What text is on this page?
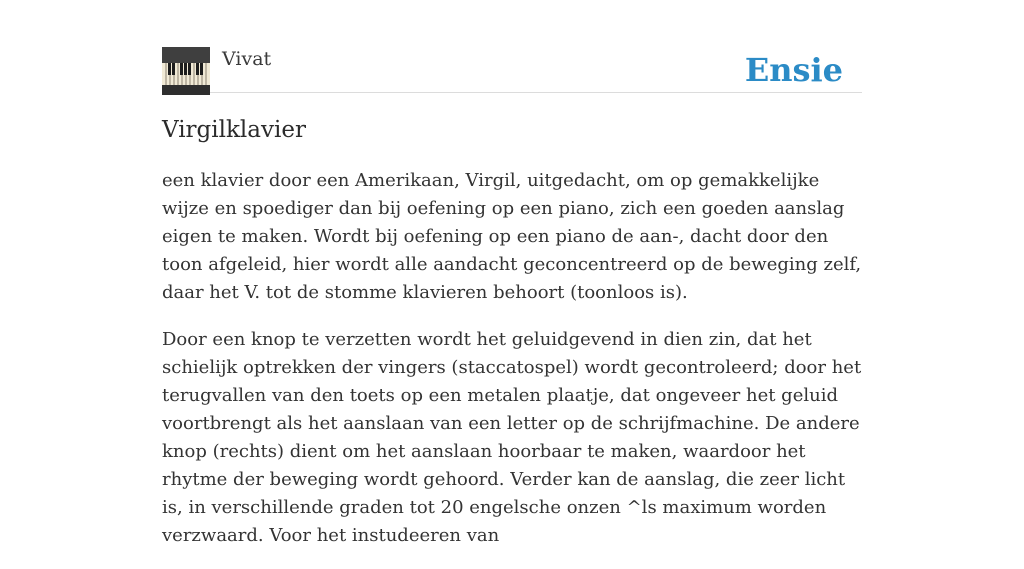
Vivat	Ensie
Virgilklavier

een klavier door een Amerikaan, Virgil, uitgedacht, om op gemakkelijke wijze en spoediger dan bij oefening op een piano, zich een goeden aanslag eigen te maken. Wordt bij oefening op een piano de aan-, dacht door den toon afgeleid, hier wordt alle aandacht geconcentreerd op de beweging zelf, daar het V. tot de stomme klavieren behoort (toonloos is).

Door een knop te verzetten wordt het geluidgevend in dien zin, dat het schielijk optrekken der vingers (staccatospel) wordt gecontroleerd; door het terugvallen van den toets op een metalen plaatje, dat ongeveer het geluid voortbrengt als het aanslaan van een letter op de schrijfmachine. De andere knop (rechts) dient om het aanslaan hoorbaar te maken, waardoor het rhytme der beweging wordt gehoord. Verder kan de aanslag, die zeer licht is, in verschillende graden tot 20 engelsche onzen ^ls maximum worden verzwaard. Voor het instudeeren van
